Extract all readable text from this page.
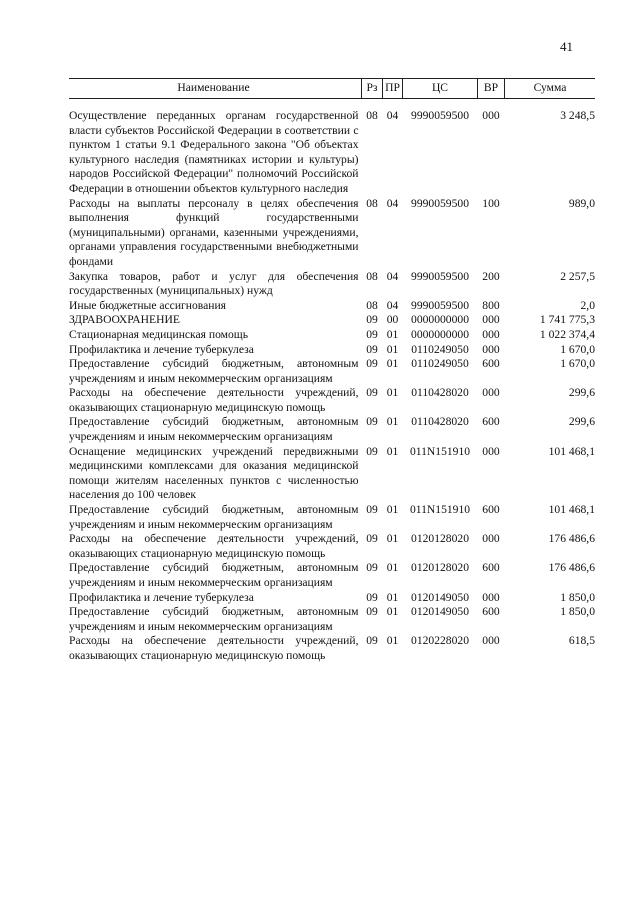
41
Наименование	Рз	ПР	ЦС	ВР	Сумма
Осуществление переданных органам государственной власти субъектов Российской Федерации в соответствии с пунктом 1 статьи 9.1 Федерального закона "Об объектах культурного наследия (памятниках истории и культуры) народов Российской Федерации" полномочий Российской Федерации в отношении объектов культурного наследия	08	04	9990059500	000	3 248,5
Расходы на выплаты персоналу в целях обеспечения выполнения функций государственными (муниципальными) органами, казенными учреждениями, органами управления государственными внебюджетными фондами	08	04	9990059500	100	989,0
Закупка товаров, работ и услуг для обеспечения государственных (муниципальных) нужд	08	04	9990059500	200	2 257,5
Иные бюджетные ассигнования	08	04	9990059500	800	2,0
ЗДРАВООХРАНЕНИЕ	09	00	0000000000	000	1 741 775,3
Стационарная медицинская помощь	09	01	0000000000	000	1 022 374,4
Профилактика и лечение туберкулеза	09	01	0110249050	000	1 670,0
Предоставление субсидий бюджетным, автономным учреждениям и иным некоммерческим организациям	09	01	0110249050	600	1 670,0
Расходы на обеспечение деятельности учреждений, оказывающих стационарную медицинскую помощь	09	01	0110428020	000	299,6
Предоставление субсидий бюджетным, автономным учреждениям и иным некоммерческим организациям	09	01	0110428020	600	299,6
Оснащение медицинских учреждений передвижными медицинскими комплексами для оказания медицинской помощи жителям населенных пунктов с численностью населения до 100 человек	09	01	011N151910	000	101 468,1
Предоставление субсидий бюджетным, автономным учреждениям и иным некоммерческим организациям	09	01	011N151910	600	101 468,1
Расходы на обеспечение деятельности учреждений, оказывающих стационарную медицинскую помощь	09	01	0120128020	000	176 486,6
Предоставление субсидий бюджетным, автономным учреждениям и иным некоммерческим организациям	09	01	0120128020	600	176 486,6
Профилактика и лечение туберкулеза	09	01	0120149050	000	1 850,0
Предоставление субсидий бюджетным, автономным учреждениям и иным некоммерческим организациям	09	01	0120149050	600	1 850,0
Расходы на обеспечение деятельности учреждений, оказывающих стационарную медицинскую помощь	09	01	0120228020	000	618,5
